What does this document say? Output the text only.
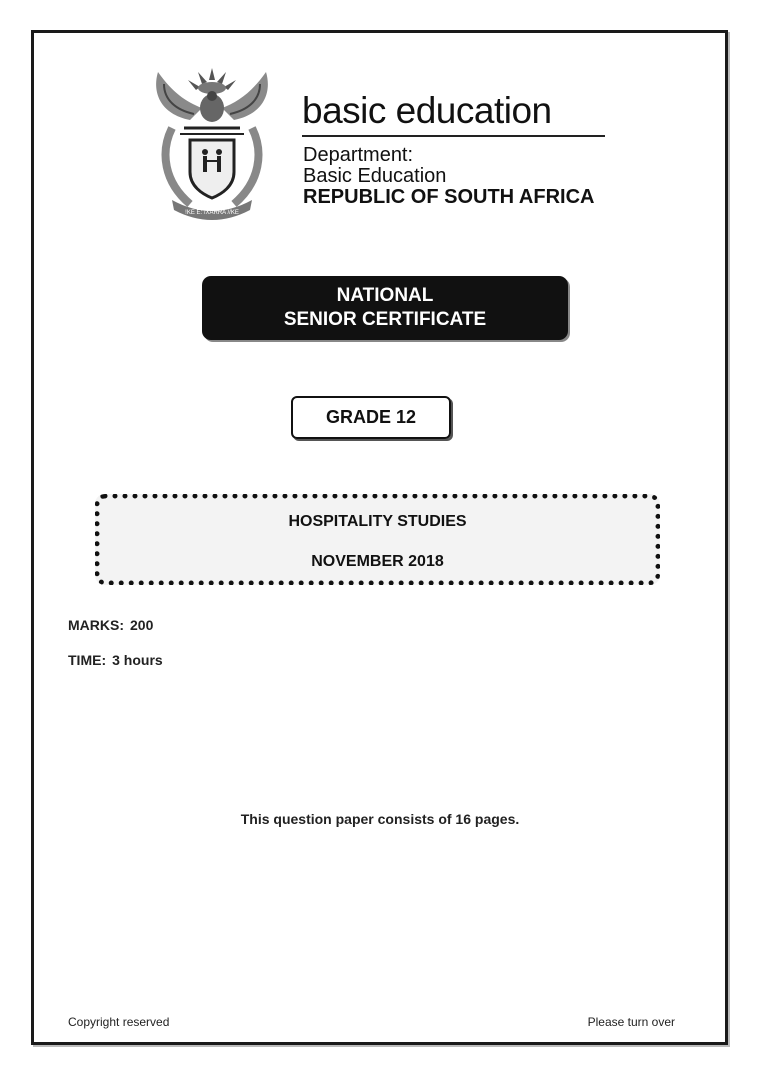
!KE E: /XARRA //KE
basic education
Department:
Basic Education
REPUBLIC OF SOUTH AFRICA
NATIONAL
SENIOR CERTIFICATE
GRADE 12
HOSPITALITY STUDIES
NOVEMBER 2018
MARKS: 200
TIME: 3 hours
This question paper consists of 16 pages.
Copyright reserved	Please turn over
